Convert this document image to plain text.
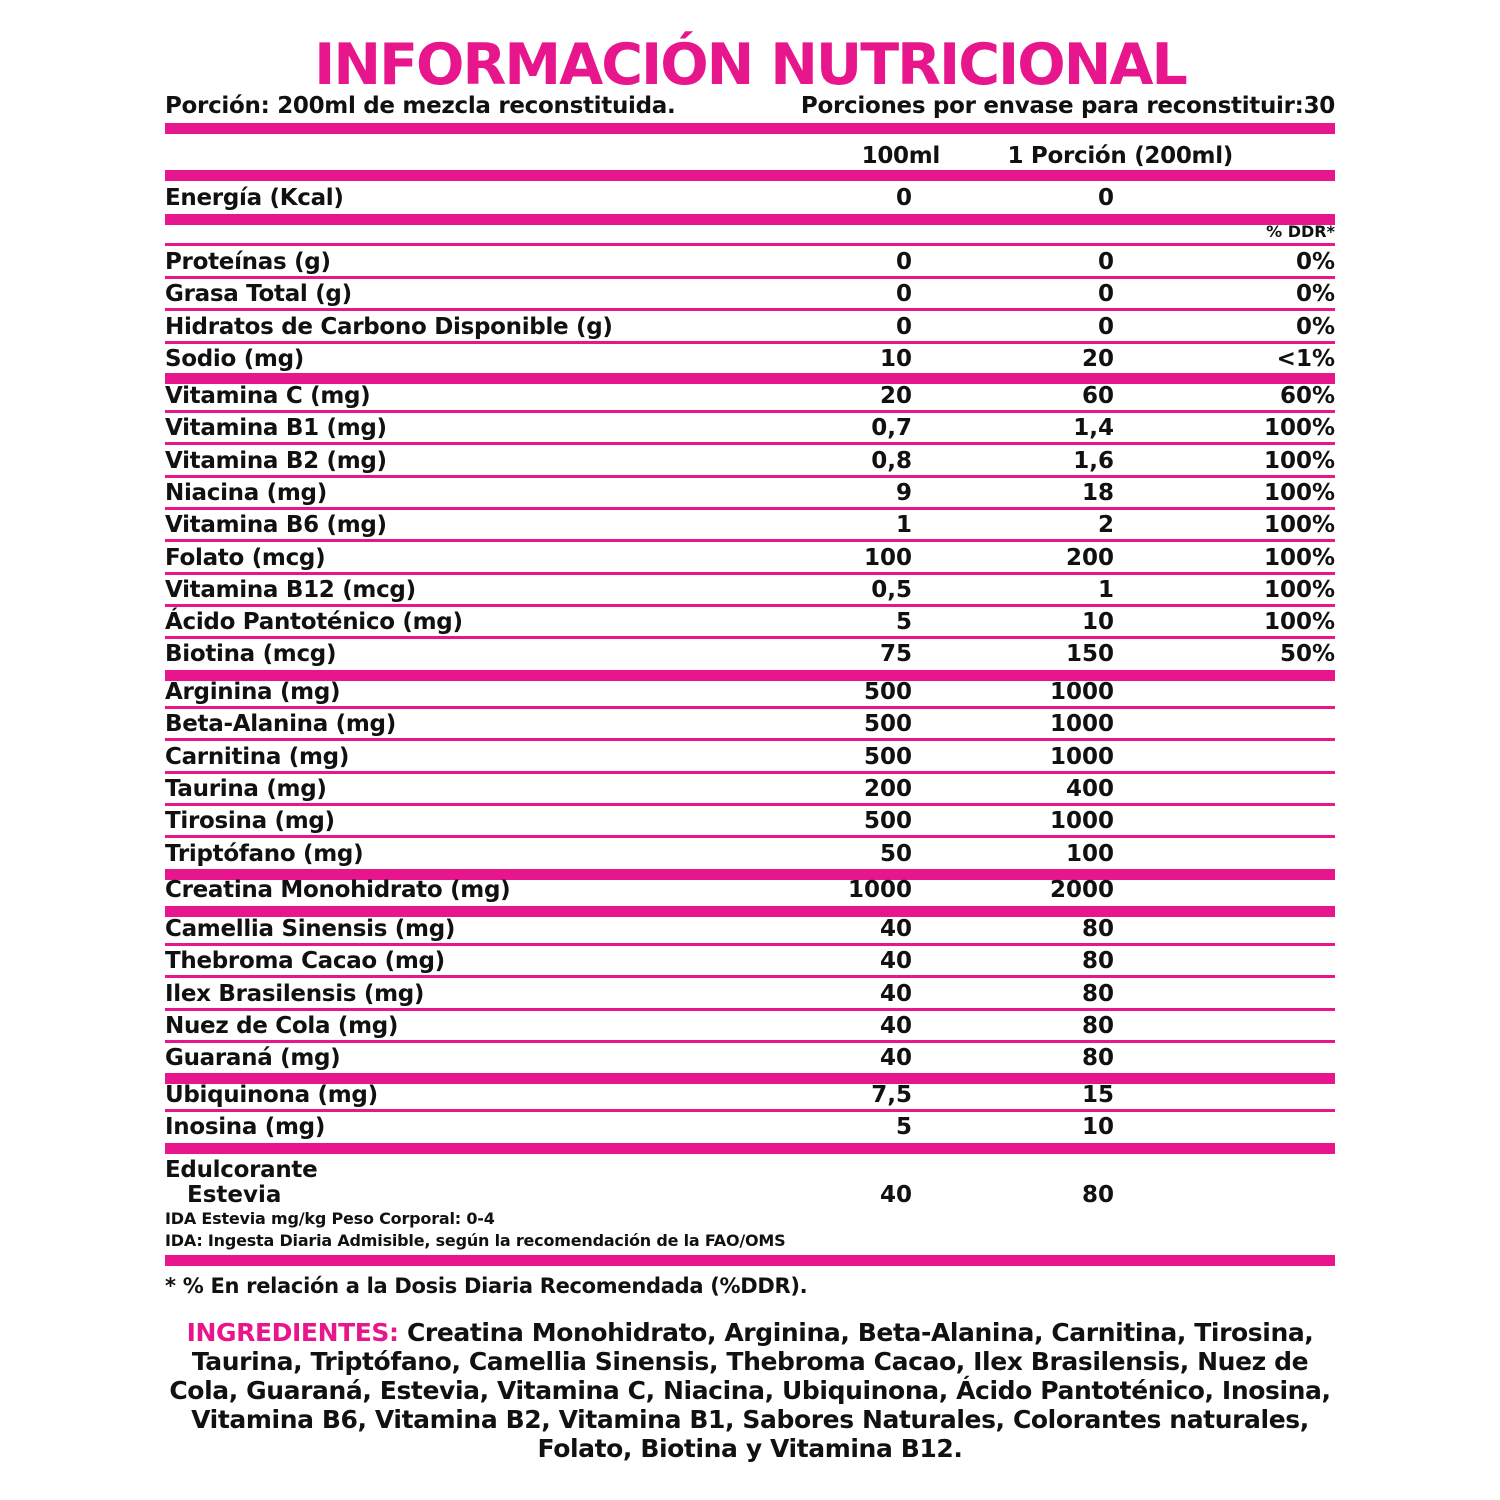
INFORMACIÓN NUTRICIONAL
Porción: 200ml de mezcla reconstituida.	Porciones por envase para reconstituir:30
100ml	1 Porción (200ml)
Energía (Kcal)	0	0
% DDR*
Proteínas (g)	0	0	0%
Grasa Total (g)	0	0	0%
Hidratos de Carbono Disponible (g)	0	0	0%
Sodio (mg)	10	20	<1%
Vitamina C (mg)	20	60	60%
Vitamina B1 (mg)	0,7	1,4	100%
Vitamina B2 (mg)	0,8	1,6	100%
Niacina (mg)	9	18	100%
Vitamina B6 (mg)	1	2	100%
Folato (mcg)	100	200	100%
Vitamina B12 (mcg)	0,5	1	100%
Ácido Pantoténico (mg)	5	10	100%
Biotina (mcg)	75	150	50%
Arginina (mg)	500	1000
Beta-Alanina (mg)	500	1000
Carnitina (mg)	500	1000
Taurina (mg)	200	400
Tirosina (mg)	500	1000
Triptófano (mg)	50	100
Creatina Monohidrato (mg)	1000	2000
Camellia Sinensis (mg)	40	80
Thebroma Cacao (mg)	40	80
Ilex Brasilensis (mg)	40	80
Nuez de Cola (mg)	40	80
Guaraná (mg)	40	80
Ubiquinona (mg)	7,5	15
Inosina (mg)	5	10
Edulcorante
Estevia	40	80
IDA Estevia mg/kg Peso Corporal: 0-4
IDA: Ingesta Diaria Admisible, según la recomendación de la FAO/OMS
* % En relación a la Dosis Diaria Recomendada (%DDR).
INGREDIENTES: Creatina Monohidrato, Arginina, Beta-Alanina, Carnitina, Tirosina, Taurina, Triptófano, Camellia Sinensis, Thebroma Cacao, Ilex Brasilensis, Nuez de Cola, Guaraná, Estevia, Vitamina C, Niacina, Ubiquinona, Ácido Pantoténico, Inosina, Vitamina B6, Vitamina B2, Vitamina B1, Sabores Naturales, Colorantes naturales, Folato, Biotina y Vitamina B12.
